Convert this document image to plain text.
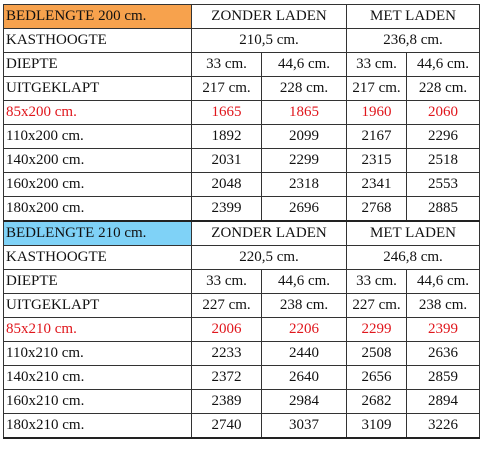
BEDLENGTE 200 cm.	ZONDER LADEN		MET LADEN	
KASTHOOGTE	210,5 cm.		236,8 cm.	
DIEPTE	33 cm.	44,6 cm.	33 cm.	44,6 cm.
UITGEKLAPT	217 cm.	228 cm.	217 cm.	228 cm.
85x200 cm.	1665	1865	1960	2060
110x200 cm.	1892	2099	2167	2296
140x200 cm.	2031	2299	2315	2518
160x200 cm.	2048	2318	2341	2553
180x200 cm.	2399	2696	2768	2885
BEDLENGTE 210 cm.	ZONDER LADEN		MET LADEN	
KASTHOOGTE	220,5 cm.		246,8 cm.	
DIEPTE	33 cm.	44,6 cm.	33 cm.	44,6 cm.
UITGEKLAPT	227 cm.	238 cm.	227 cm.	238 cm.
85x210 cm.	2006	2206	2299	2399
110x210 cm.	2233	2440	2508	2636
140x210 cm.	2372	2640	2656	2859
160x210 cm.	2389	2984	2682	2894
180x210 cm.	2740	3037	3109	3226
